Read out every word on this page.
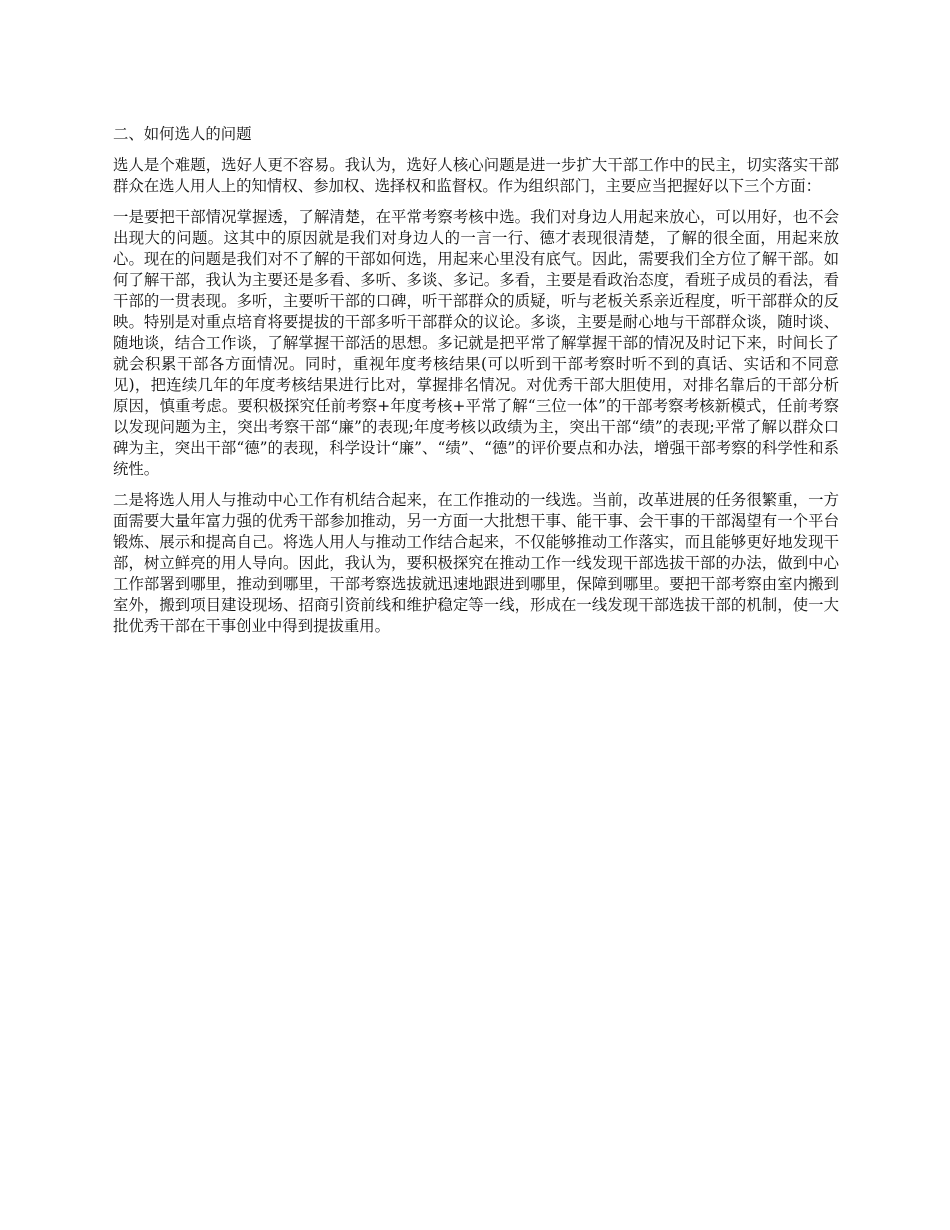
二、如何选人的问题

选人是个难题，选好人更不容易。我认为，选好人核心问题是进一步扩大干部工作中的民主，切实落实干部群众在选人用人上的知情权、参加权、选择权和监督权。作为组织部门，主要应当把握好以下三个方面：

一是要把干部情况掌握透，了解清楚，在平常考察考核中选。我们对身边人用起来放心，可以用好，也不会出现大的问题。这其中的原因就是我们对身边人的一言一行、德才表现很清楚，了解的很全面，用起来放心。现在的问题是我们对不了解的干部如何选，用起来心里没有底气。因此，需要我们全方位了解干部。如何了解干部，我认为主要还是多看、多听、多谈、多记。多看，主要是看政治态度，看班子成员的看法，看干部的一贯表现。多听，主要听干部的口碑，听干部群众的质疑，听与老板关系亲近程度，听干部群众的反映。特别是对重点培育将要提拔的干部多听干部群众的议论。多谈，主要是耐心地与干部群众谈，随时谈、随地谈，结合工作谈，了解掌握干部活的思想。多记就是把平常了解掌握干部的情况及时记下来，时间长了就会积累干部各方面情况。同时，重视年度考核结果(可以听到干部考察时听不到的真话、实话和不同意见)，把连续几年的年度考核结果进行比对，掌握排名情况。对优秀干部大胆使用，对排名靠后的干部分析原因，慎重考虑。要积极探究任前考察+年度考核+平常了解“三位一体”的干部考察考核新模式，任前考察以发现问题为主，突出考察干部“廉”的表现;年度考核以政绩为主，突出干部“绩”的表现;平常了解以群众口碑为主，突出干部“德”的表现，科学设计“廉”、“绩”、“德”的评价要点和办法，增强干部考察的科学性和系统性。

二是将选人用人与推动中心工作有机结合起来，在工作推动的一线选。当前，改革进展的任务很繁重，一方面需要大量年富力强的优秀干部参加推动，另一方面一大批想干事、能干事、会干事的干部渴望有一个平台锻炼、展示和提高自己。将选人用人与推动工作结合起来，不仅能够推动工作落实，而且能够更好地发现干部，树立鲜亮的用人导向。因此，我认为，要积极探究在推动工作一线发现干部选拔干部的办法，做到中心工作部署到哪里，推动到哪里，干部考察选拔就迅速地跟进到哪里，保障到哪里。要把干部考察由室内搬到室外，搬到项目建设现场、招商引资前线和维护稳定等一线，形成在一线发现干部选拔干部的机制，使一大批优秀干部在干事创业中得到提拔重用。
